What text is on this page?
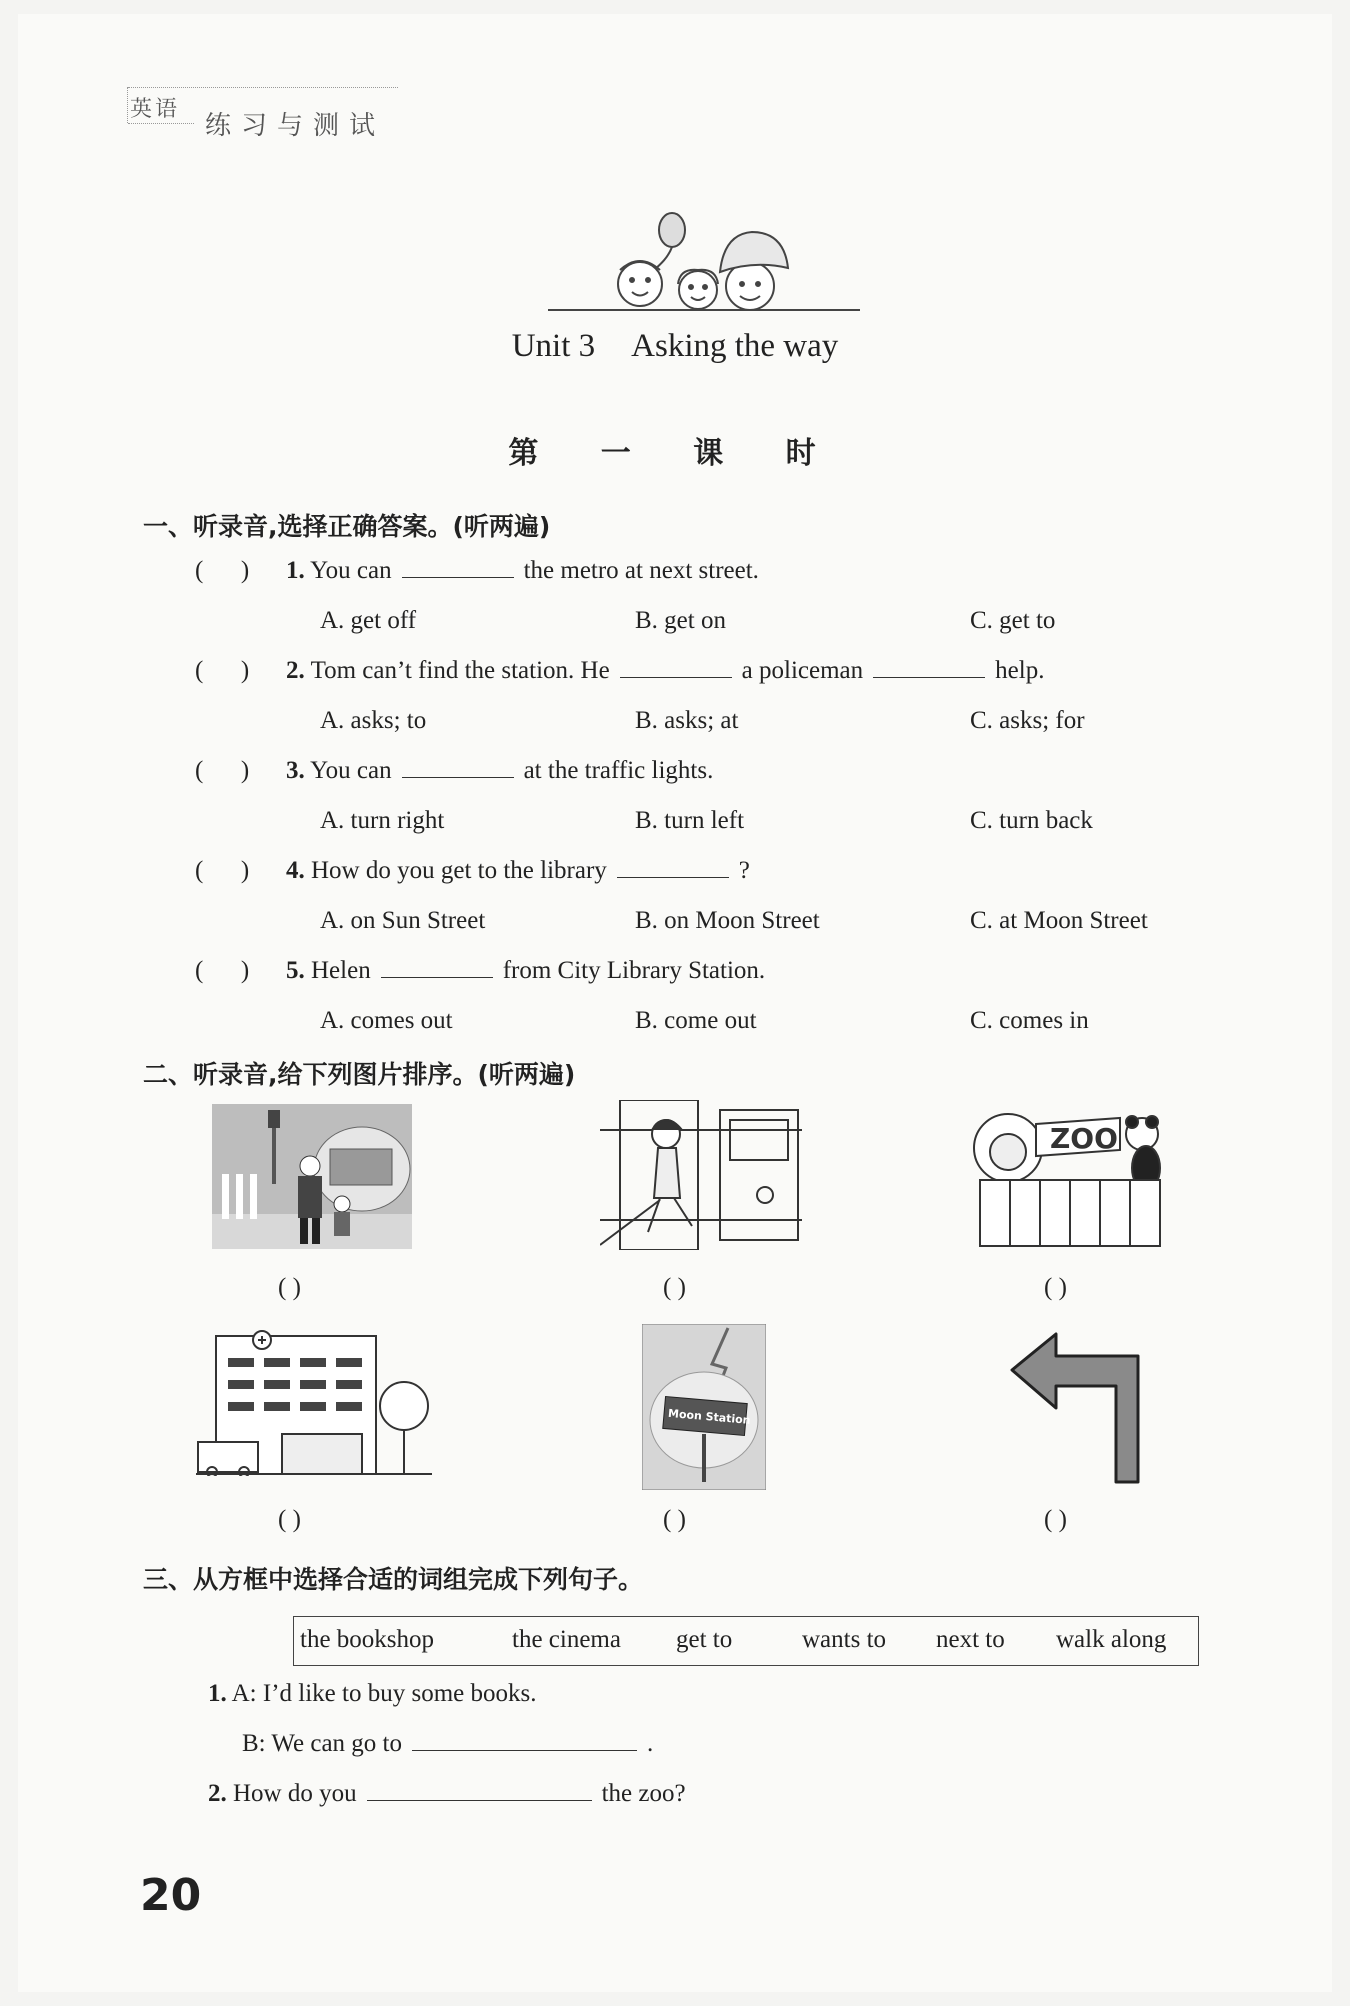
英语
练习与测试
Unit 3 Asking the way
第 一 课 时
一、听录音,选择正确答案。(听两遍)
(      ) 1. You can	the metro at next street.
A. get off	B. get on	C. get to
(      ) 2. Tom can’t find the station. He	a policeman	help.
A. asks; to	B. asks; at	C. asks; for
(      ) 3. You can	at the traffic lights.
A. turn right	B. turn left	C. turn back
(      ) 4. How do you get to the library	?
A. on Sun Street	B. on Moon Street	C. at Moon Street
(      ) 5. Helen	from City Library Station.
A. comes out	B. come out	C. comes in
二、听录音,给下列图片排序。(听两遍)
( )	( )
ZOO
( )
( )
Moon Station
( )	( )
三、从方框中选择合适的词组完成下列句子。
the bookshop	the cinema get to	wants to next to walk along
1. A: I’d like to buy some books.
B: We can go to	.
2. How do you	the zoo?
20
